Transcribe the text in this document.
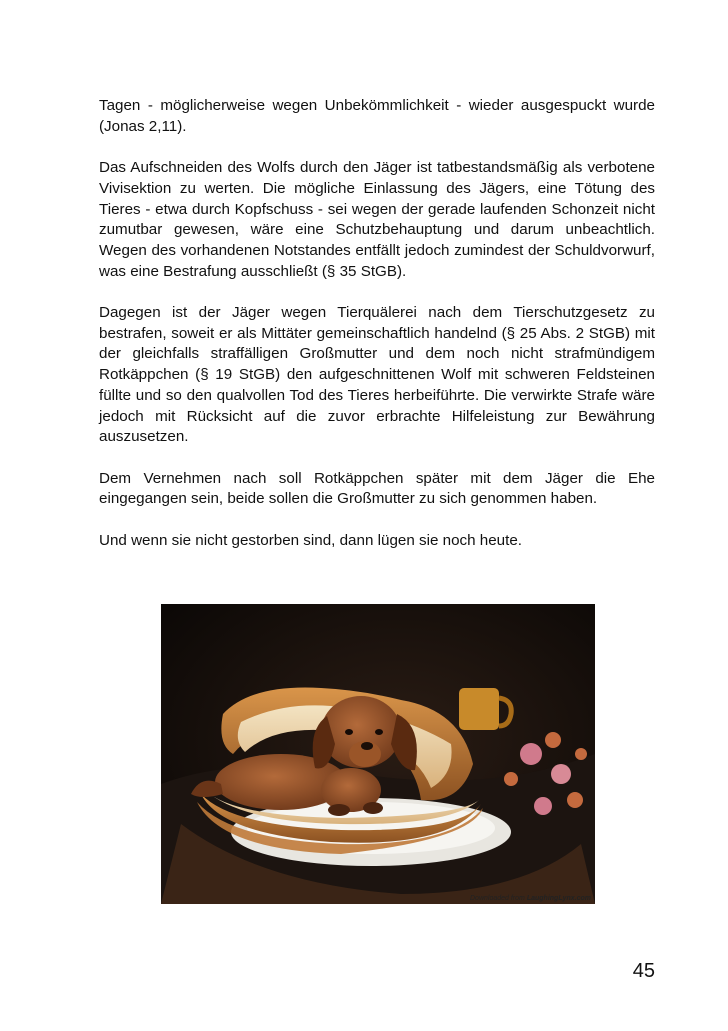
Tagen - möglicherweise wegen Unbekömmlichkeit - wieder ausgespuckt wurde (Jonas 2,11).

Das Aufschneiden des Wolfs durch den Jäger ist tatbestandsmäßig als verbotene Vivisektion zu werten. Die mögliche Einlassung des Jägers, eine Tötung des Tieres - etwa durch Kopfschuss - sei wegen der gerade laufenden Schonzeit nicht zumutbar gewesen, wäre eine Schutzbehauptung und darum unbeachtlich. Wegen des vorhandenen Notstandes entfällt jedoch zumindest der Schuldvorwurf, was eine Bestrafung ausschließt (§ 35 StGB).

Dagegen ist der Jäger wegen Tierquälerei nach dem Tierschutzgesetz zu bestrafen, soweit er als Mittäter gemeinschaftlich handelnd (§ 25 Abs. 2 StGB) mit der gleichfalls straffälligen Großmutter und dem noch nicht strafmündigem Rotkäppchen (§ 19 StGB) den aufgeschnittenen Wolf mit schweren Feldsteinen füllte und so den qualvollen Tod des Tieres herbeiführte. Die verwirkte Strafe wäre jedoch mit Rücksicht auf die zuvor erbrachte Hilfeleistung zur Bewährung auszusetzen.

Dem Vernehmen nach soll Rotkäppchen später mit dem Jäger die Ehe eingegangen sein, beide sollen die Großmutter zu sich genommen haben.

Und wenn sie nicht gestorben sind, dann lügen sie noch heute.

Downloaded from LaughingLynx.com
45
